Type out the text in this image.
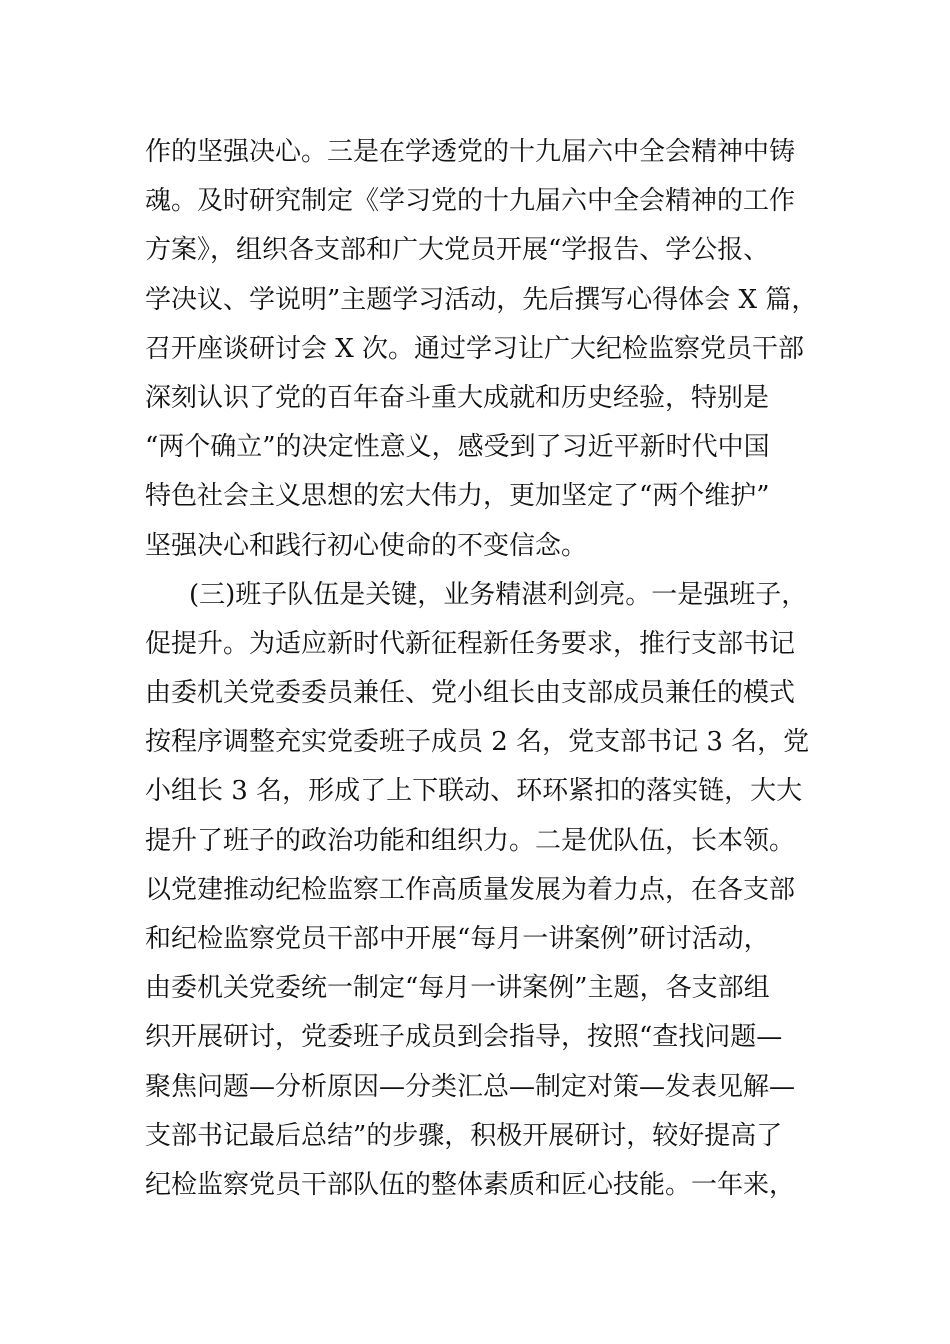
作的坚强决心。三是在学透党的十九届六中全会精神中铸
魂。及时研究制定《学习党的十九届六中全会精神的工作
方案》，组织各支部和广大党员开展“学报告、学公报、
学决议、学说明”主题学习活动，先后撰写心得体会 X 篇，
召开座谈研讨会 X 次。通过学习让广大纪检监察党员干部
深刻认识了党的百年奋斗重大成就和历史经验，特别是
“两个确立”的决定性意义，感受到了习近平新时代中国
特色社会主义思想的宏大伟力，更加坚定了“两个维护”
坚强决心和践行初心使命的不变信念。
(三)班子队伍是关键，业务精湛利剑亮。一是强班子，
促提升。为适应新时代新征程新任务要求，推行支部书记
由委机关党委委员兼任、党小组长由支部成员兼任的模式
按程序调整充实党委班子成员 2 名，党支部书记 3 名，党
小组长 3 名，形成了上下联动、环环紧扣的落实链，大大
提升了班子的政治功能和组织力。二是优队伍，长本领。
以党建推动纪检监察工作高质量发展为着力点，在各支部
和纪检监察党员干部中开展“每月一讲案例”研讨活动，
由委机关党委统一制定“每月一讲案例”主题，各支部组
织开展研讨，党委班子成员到会指导，按照“查找问题—
聚焦问题—分析原因—分类汇总—制定对策—发表见解—
支部书记最后总结”的步骤，积极开展研讨，较好提高了
纪检监察党员干部队伍的整体素质和匠心技能。一年来，
